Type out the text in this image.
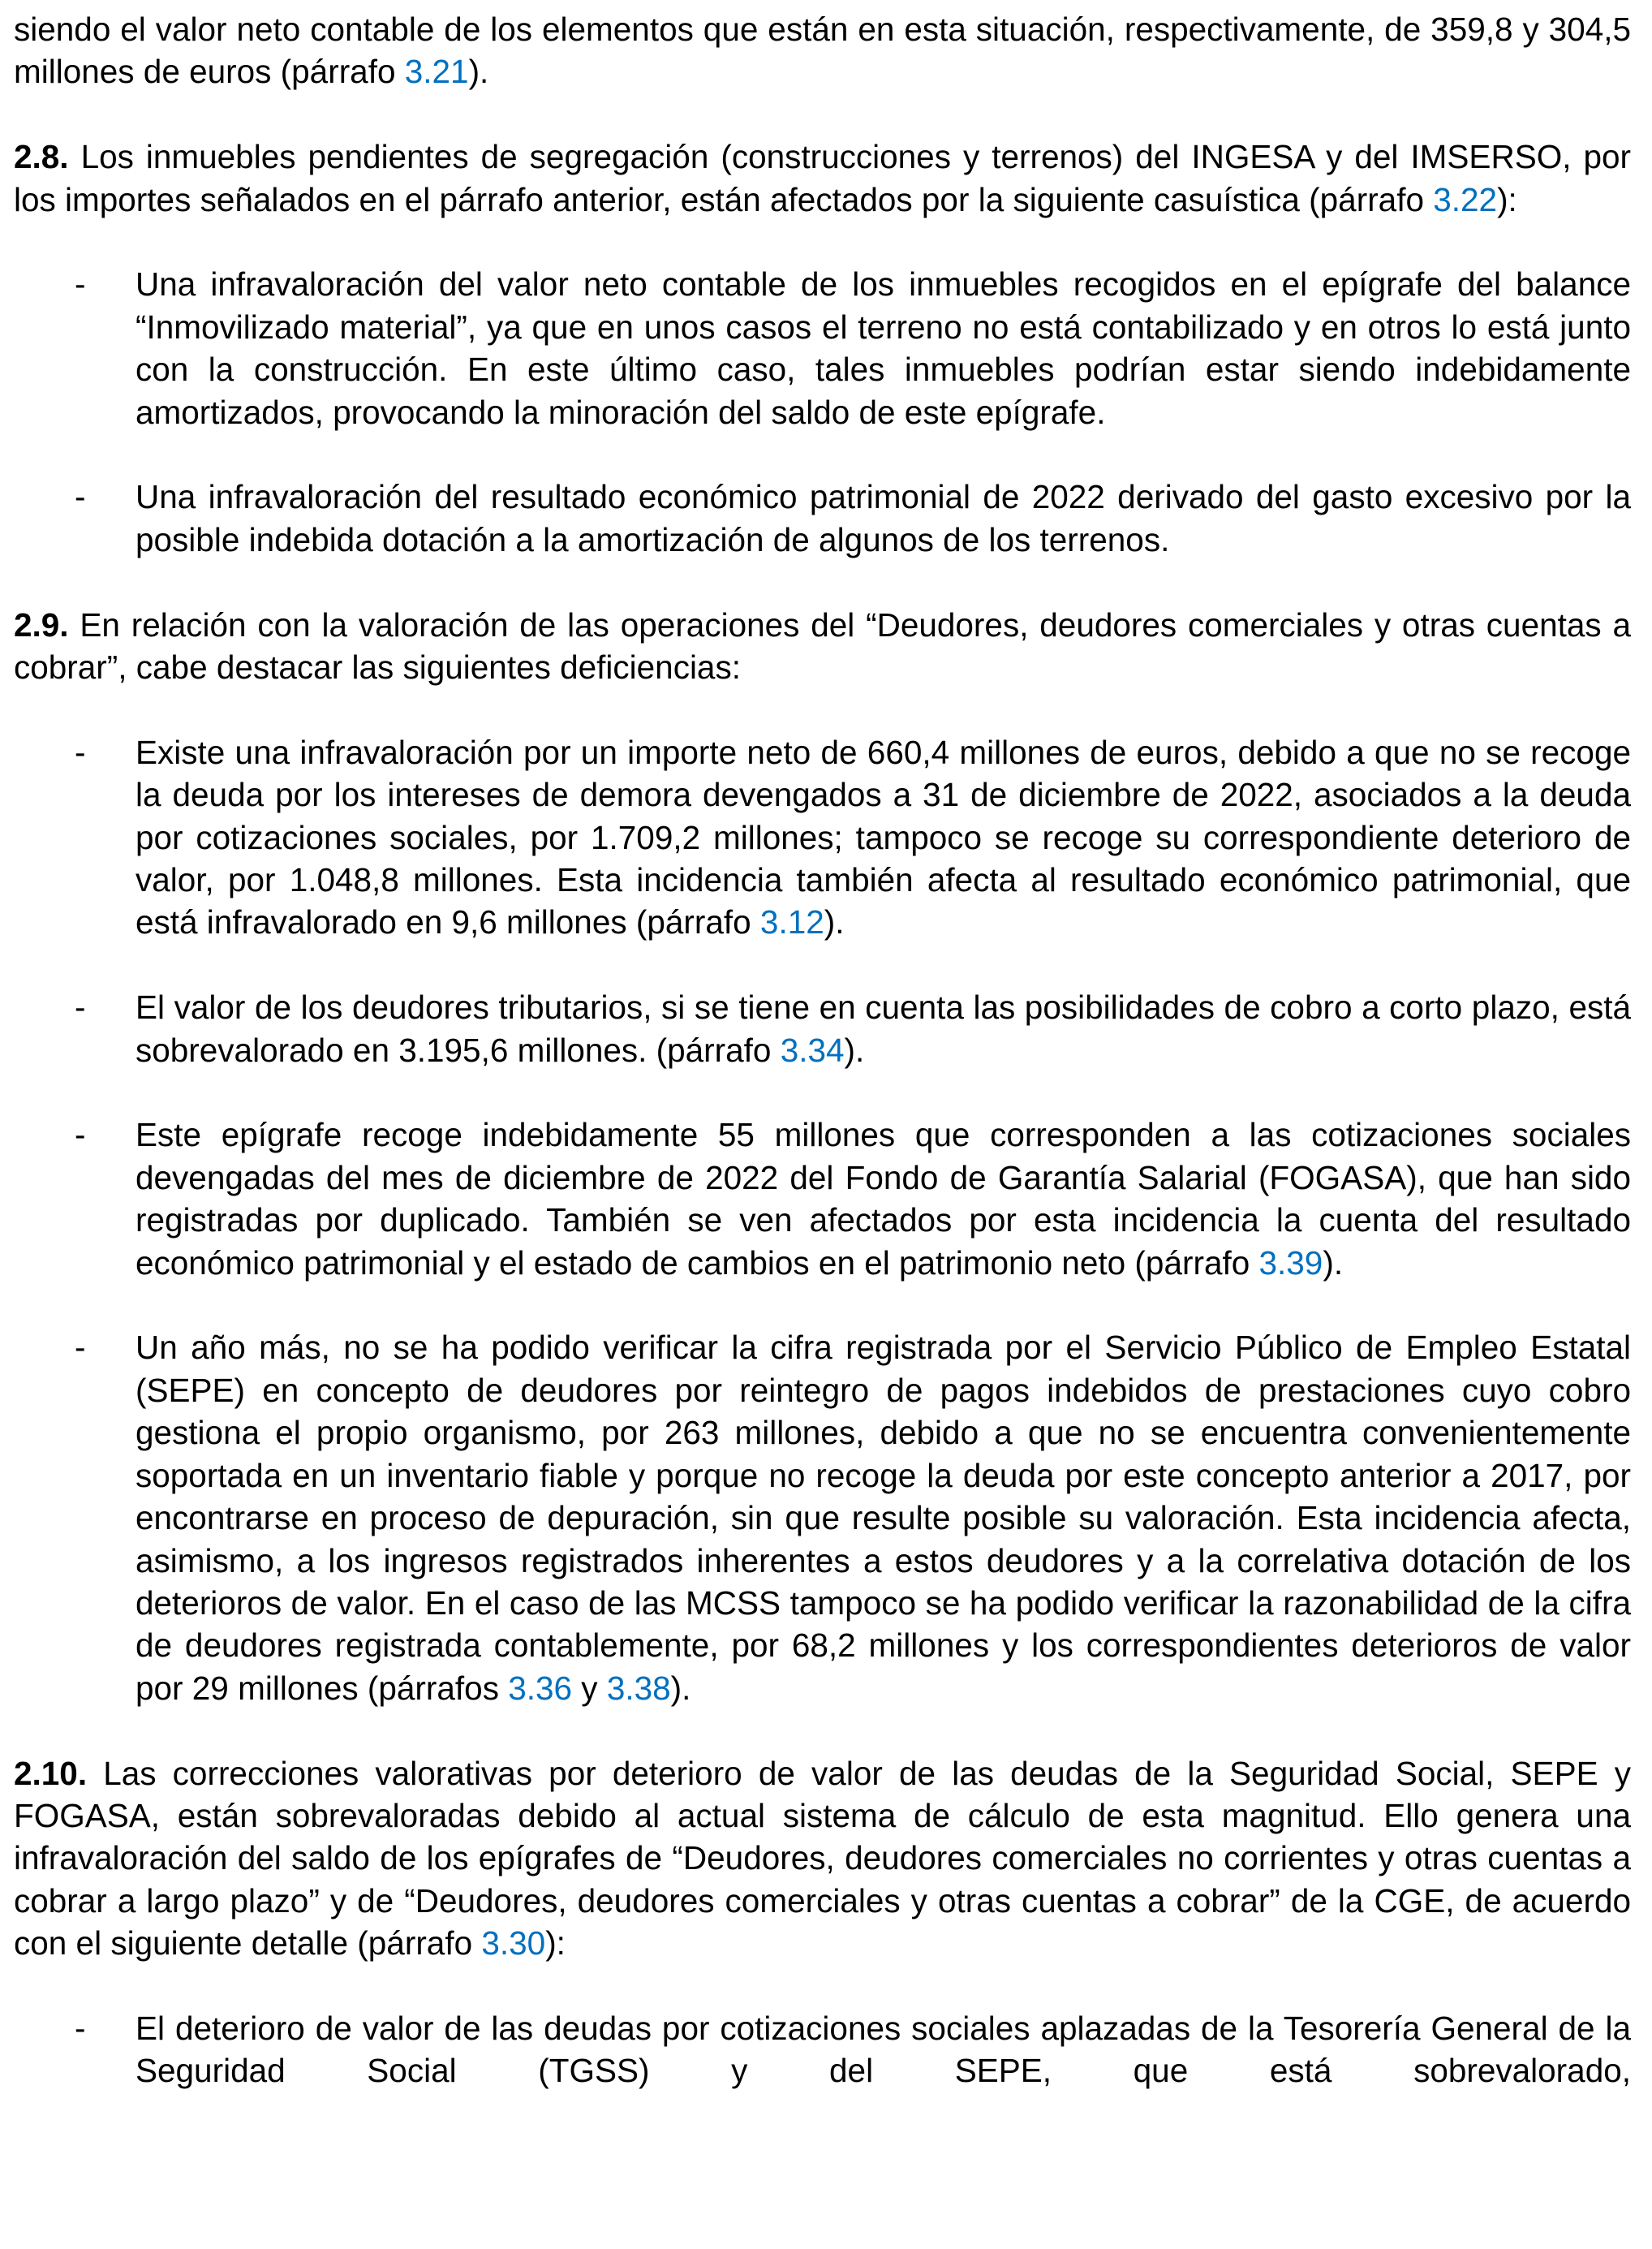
siendo el valor neto contable de los elementos que están en esta situación, respectivamente, de 359,8 y 304,5 millones de euros (párrafo 3.21).
2.8. Los inmuebles pendientes de segregación (construcciones y terrenos) del INGESA y del IMSERSO, por los importes señalados en el párrafo anterior, están afectados por la siguiente casuística (párrafo 3.22):
- Una infravaloración del valor neto contable de los inmuebles recogidos en el epígrafe del balance “Inmovilizado material”, ya que en unos casos el terreno no está contabilizado y en otros lo está junto con la construcción. En este último caso, tales inmuebles podrían estar siendo indebidamente amortizados, provocando la minoración del saldo de este epígrafe.
- Una infravaloración del resultado económico patrimonial de 2022 derivado del gasto excesivo por la posible indebida dotación a la amortización de algunos de los terrenos.
2.9. En relación con la valoración de las operaciones del “Deudores, deudores comerciales y otras cuentas a cobrar”, cabe destacar las siguientes deficiencias:
- Existe una infravaloración por un importe neto de 660,4 millones de euros, debido a que no se recoge la deuda por los intereses de demora devengados a 31 de diciembre de 2022, asociados a la deuda por cotizaciones sociales, por 1.709,2 millones; tampoco se recoge su correspondiente deterioro de valor, por 1.048,8 millones. Esta incidencia también afecta al resultado económico patrimonial, que está infravalorado en 9,6 millones (párrafo 3.12).
- El valor de los deudores tributarios, si se tiene en cuenta las posibilidades de cobro a corto plazo, está sobrevalorado en 3.195,6 millones. (párrafo 3.34).
- Este epígrafe recoge indebidamente 55 millones que corresponden a las cotizaciones sociales devengadas del mes de diciembre de 2022 del Fondo de Garantía Salarial (FOGASA), que han sido registradas por duplicado. También se ven afectados por esta incidencia la cuenta del resultado económico patrimonial y el estado de cambios en el patrimonio neto (párrafo 3.39).
- Un año más, no se ha podido verificar la cifra registrada por el Servicio Público de Empleo Estatal (SEPE) en concepto de deudores por reintegro de pagos indebidos de prestaciones cuyo cobro gestiona el propio organismo, por 263 millones, debido a que no se encuentra convenientemente soportada en un inventario fiable y porque no recoge la deuda por este concepto anterior a 2017, por encontrarse en proceso de depuración, sin que resulte posible su valoración. Esta incidencia afecta, asimismo, a los ingresos registrados inherentes a estos deudores y a la correlativa dotación de los deterioros de valor. En el caso de las MCSS tampoco se ha podido verificar la razonabilidad de la cifra de deudores registrada contablemente, por 68,2 millones y los correspondientes deterioros de valor por 29 millones (párrafos 3.36 y 3.38).
2.10. Las correcciones valorativas por deterioro de valor de las deudas de la Seguridad Social, SEPE y FOGASA, están sobrevaloradas debido al actual sistema de cálculo de esta magnitud. Ello genera una infravaloración del saldo de los epígrafes de “Deudores, deudores comerciales no corrientes y otras cuentas a cobrar a largo plazo” y de “Deudores, deudores comerciales y otras cuentas a cobrar” de la CGE, de acuerdo con el siguiente detalle (párrafo 3.30):
- El deterioro de valor de las deudas por cotizaciones sociales aplazadas de la Tesorería General de la Seguridad Social (TGSS) y del SEPE, que está sobrevalorado,
